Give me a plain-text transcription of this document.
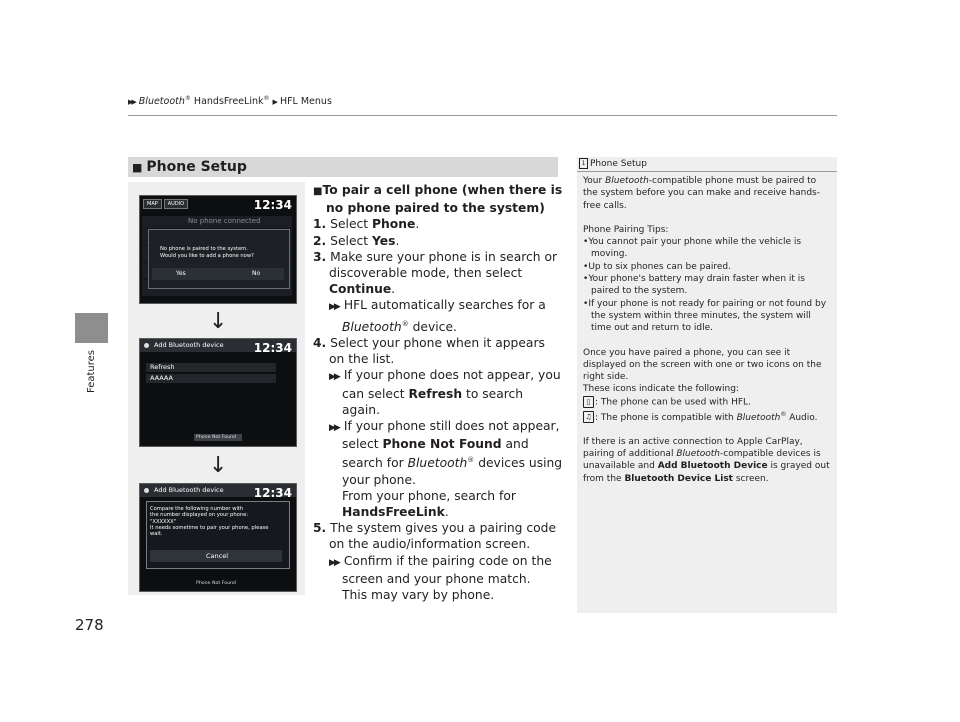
▶▶ Bluetooth® HandsFreeLink® ▶ HFL Menus
Features
278
■ Phone Setup
MAP	AUDIO	12:34
No phone connected
No phone is paired to the system.
Would you like to add a phone now?
Yes	No
↓
Add Bluetooth device	12:34
Refresh
AAAAA
Phone Not Found
↓
Add Bluetooth device	12:34
Compare the following number with
the number displayed on your phone:
"XXXXXX"
It needs sometime to pair your phone, please
wait.
Cancel
Phone Not Found
■To pair a cell phone (when there is no phone paired to the system)
1. Select Phone.
2. Select Yes.
3. Make sure your phone is in search or discoverable mode, then select Continue.
▶▶ HFL automatically searches for a Bluetooth® device.
4. Select your phone when it appears on the list.
▶▶ If your phone does not appear, you can select Refresh to search again.
▶▶ If your phone still does not appear, select Phone Not Found and search for Bluetooth® devices using your phone.
From your phone, search for HandsFreeLink.
5. The system gives you a pairing code on the audio/information screen.
▶▶ Confirm if the pairing code on the screen and your phone match.
This may vary by phone.
1 Phone Setup

Your Bluetooth-compatible phone must be paired to the system before you can make and receive hands-free calls.

Phone Pairing Tips:

•You cannot pair your phone while the vehicle is moving.

•Up to six phones can be paired.

•Your phone's battery may drain faster when it is paired to the system.

•If your phone is not ready for pairing or not found by the system within three minutes, the system will time out and return to idle.

Once you have paired a phone, you can see it displayed on the screen with one or two icons on the right side.

These icons indicate the following:

▯ : The phone can be used with HFL.

♫ : The phone is compatible with Bluetooth® Audio.

If there is an active connection to Apple CarPlay, pairing of additional Bluetooth-compatible devices is unavailable and Add Bluetooth Device is grayed out from the Bluetooth Device List screen.
